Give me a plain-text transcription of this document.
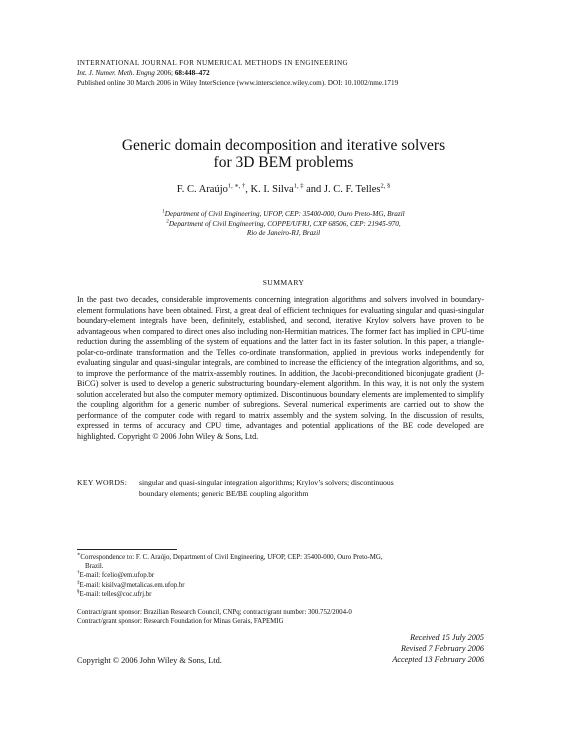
INTERNATIONAL JOURNAL FOR NUMERICAL METHODS IN ENGINEERING
Int. J. Numer. Meth. Engng 2006; 68:448–472
Published online 30 March 2006 in Wiley InterScience (www.interscience.wiley.com). DOI: 10.1002/nme.1719
Generic domain decomposition and iterative solvers
for 3D BEM problems
F. C. Araújo$^{1, ∗, \dagger}$, K. I. Silva$^{1, \ddagger}$ and J. C. F. Telles$^{2, \S}$
$^1$Department of Civil Engineering, UFOP, CEP: 35400-000, Ouro Preto-MG, Brazil
$^2$Department of Civil Engineering, COPPE/UFRJ, CXP 68506, CEP: 21945-970,
Rio de Janeiro-RJ, Brazil
SUMMARY

In the past two decades, considerable improvements concerning integration algorithms and solvers involved in boundary-element formulations have been obtained. First, a great deal of efficient techniques for evaluating singular and quasi-singular boundary-element integrals have been, definitely, established, and second, iterative Krylov solvers have proven to be advantageous when compared to direct ones also including non-Hermitian matrices. The former fact has implied in CPU-time reduction during the assembling of the system of equations and the latter fact in its faster solution. In this paper, a triangle-polar-co-ordinate transformation and the Telles co-ordinate transformation, applied in previous works independently for evaluating singular and quasi-singular integrals, are combined to increase the efficiency of the integration algorithms, and so, to improve the performance of the matrix-assembly routines. In addition, the Jacobi-preconditioned biconjugate gradient (J-BiCG) solver is used to develop a generic substructuring boundary-element algorithm. In this way, it is not only the system solution accelerated but also the computer memory optimized. Discontinuous boundary elements are implemented to simplify the coupling algorithm for a generic number of subregions. Several numerical experiments are carried out to show the performance of the computer code with regard to matrix assembly and the system solving. In the discussion of results, expressed in terms of accuracy and CPU time, advantages and potential applications of the BE code developed are highlighted. Copyright © 2006 John Wiley & Sons, Ltd.

KEY WORDS: singular and quasi-singular integration algorithms; Krylov’s solvers; discontinuous
boundary elements; generic BE/BE coupling algorithm
∗Correspondence to: F. C. Araújo, Department of Civil Engineering, UFOP, CEP: 35400-000, Ouro Preto-MG,
Brazil.
†E-mail: fcelio@em.ufop.br
‡E-mail: kisilva@metalicas.em.ufop.br
§E-mail: telles@coc.ufrj.br
Contract/grant sponsor: Brazilian Research Council, CNPq; contract/grant number: 300.752/2004-0
Contract/grant sponsor: Research Foundation for Minas Gerais, FAPEMIG
Received 15 July 2005
Revised 7 February 2006
Accepted 13 February 2006
Copyright © 2006 John Wiley & Sons, Ltd.
